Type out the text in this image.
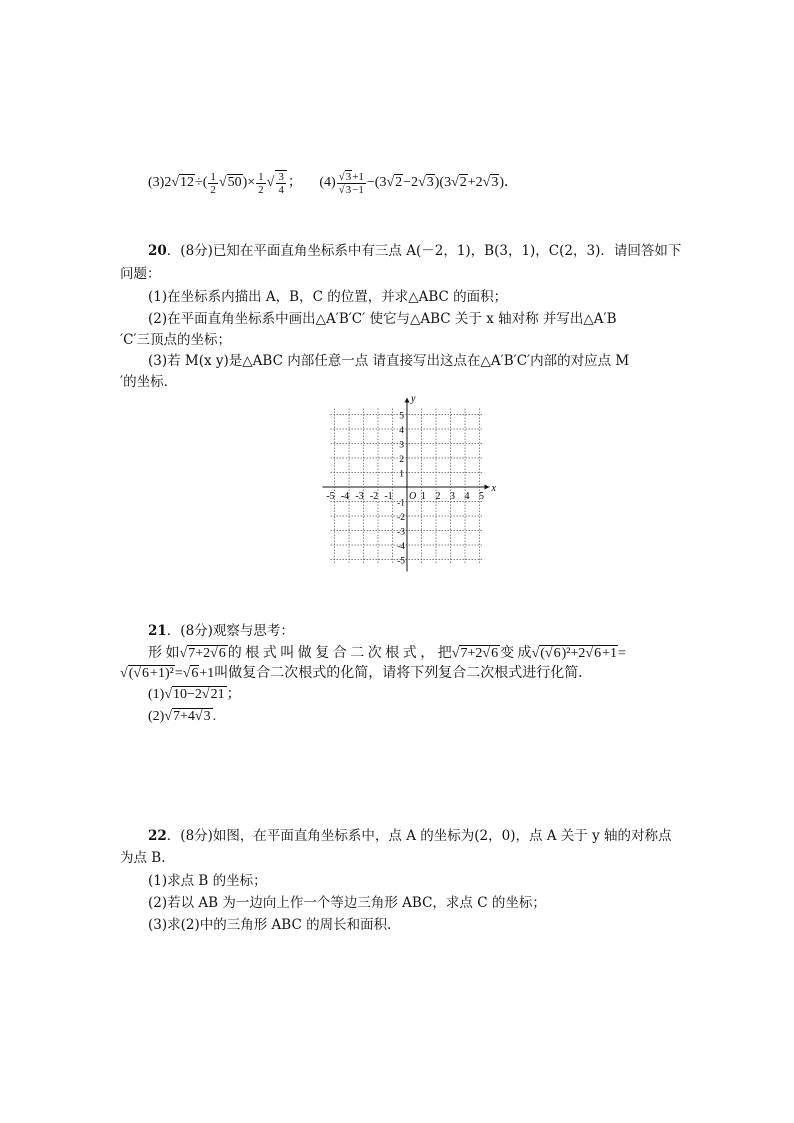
$(3)2√12\div( \frac{1}{2} √50)\times \frac{1}{2}$ √ $\frac{3}{4}$ ； $(4) \frac{√3+1}{√3-1} -(3√2-2√3)(3√2+2√3)$．
20．(8分)已知在平面直角坐标系中有三点 A(－2，1)，B(3，1)，C(2，3)．请回答如下
问题：
(1)在坐标系内描出 A，B，C 的位置，并求△ABC 的面积；
(2)在平面直角坐标系中画出△A′B′C′ 使它与△ABC 关于 x 轴对称 并写出△A′B
′C′三顶点的坐标；
(3)若 M(x y)是△ABC 内部任意一点 请直接写出这点在△A′B′C′内部的对应点 M
′的坐标．
x
y
O
-5 -4 -3 -2 -1	1 2 3 4 5
5
4
3
2
1
-1
-2
-3
-4
-5
21．(8分)观察与思考：
形 如√7+2√6 的 根 式 叫 做 复 合 二 次 根 式 ， 把√7+2√6 变 成√(√6)²+2√6+1=
√(√6+1)²=√6+1叫做复合二次根式的化简，请将下列复合二次根式进行化简．
(1)√10−2√21 ；
(2)√7+4√3 .
22．(8分)如图，在平面直角坐标系中，点 A 的坐标为(2，0)，点 A 关于 y 轴的对称点
为点 B.
(1)求点 B 的坐标；
(2)若以 AB 为一边向上作一个等边三角形 ABC，求点 C 的坐标；
(3)求(2)中的三角形 ABC 的周长和面积．
